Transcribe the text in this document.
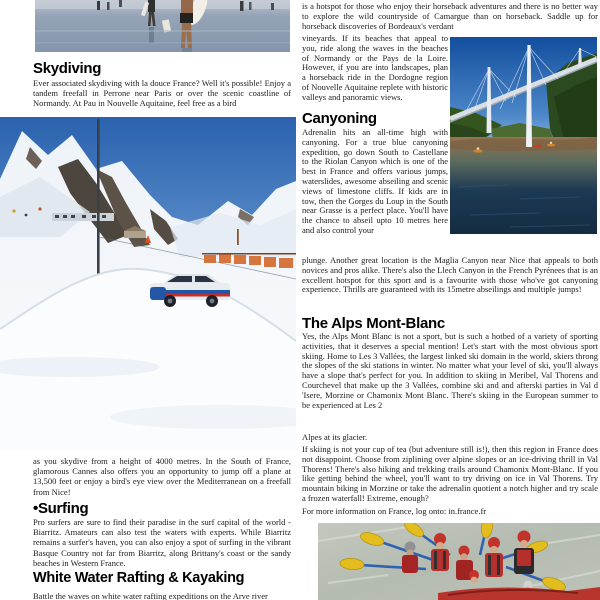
Skydiving
Ever associated skydiving with la douce France? Well it's possible! Enjoy a tandem freefall in Perrone near Paris or over the scenic coastline of Normandy. At Pau in Nouvelle Aquitaine, feel free as a bird
as you skydive from a height of 4000 metres. In the South of France, glamorous Cannes also offers you an opportunity to jump off a plane at 13,500 feet or enjoy a bird's eye view over the Mediterranean on a freefall from Nice!
•Surfing
Pro surfers are sure to find their paradise in the surf capital of the world - Biarritz. Amateurs can also test the waters with experts. While Biarritz remains a surfer's haven, you can also enjoy a spot of surfing in the vibrant Basque Country not far from Biarritz, along Brittany's coast or the sandy beaches in Western France.
White Water Rafting & Kayaking
Battle the waves on white water rafting expeditions on the Arve river
is a hotspot for those who enjoy their horseback adventures and there is no better way to explore the wild countryside of Camargue than on horseback. Saddle up for horseback discoveries of Bordeaux's verdant
vineyards. If its beaches that appeal to you, ride along the waves in the beaches of Normandy or the Pays de la Loire. However, if you are into landscapes, plan a horseback ride in the Dordogne region of Nouvelle Aquitaine replete with historic valleys and panoramic views.
Canyoning
Adrenalin hits an all-time high with canyoning. For a true blue canyoning expedition, go down South to Castellane to the Riolan Canyon which is one of the best in France and offers various jumps, waterslides, awesome abseiling and scenic views of limestone cliffs. If kids are in tow, then the Gorges du Loup in the South near Grasse is a perfect place. You'll have the chance to abseil upto 10 metres here and also control your
plunge. Another great location is the Maglia Canyon near Nice that appeals to both novices and pros alike. There's also the Llech Canyon in the French Pyrénees that is an excellent hotspot for this sport and is a favourite with those who've got canyoning experience. Thrills are guaranteed with its 15metre abseilings and multiple jumps!
The Alps Mont-Blanc
Yes, the Alps Mont Blanc is not a sport, but is such a hotbed of a variety of sporting activities, that it deserves a special mention! Let's start with the most obvious sport skiing. Home to Les 3 Vallées, the largest linked ski domain in the world, skiers throng the slopes of the ski stations in winter. No matter what your level of ski, you'll always have a slope that's perfect for you. In addition to skiing in Meribel, Val Thorens and Courchevel that make up the 3 Vallées, combine ski and and afterski parties in Val d 'Isere, Morzine or Chamonix Mont Blanc. There's skiing in the European summer to be experienced at Les 2
Alpes at its glacier.
If skiing is not your cup of tea (but adventure still is!), then this region in France does not disappoint. Choose from ziplining over alpine slopes or an ice-driving thrill in Val Thorens! There's also hiking and trekking trails around Chamonix Mont-Blanc. If you like getting behind the wheel, you'll want to try driving on ice in Val Thorens. Try mountain biking in Morzine or take the adrenalin quotient a notch higher and try scale a frozen waterfall! Extreme, enough?
For more information on France, log onto: in.france.fr
